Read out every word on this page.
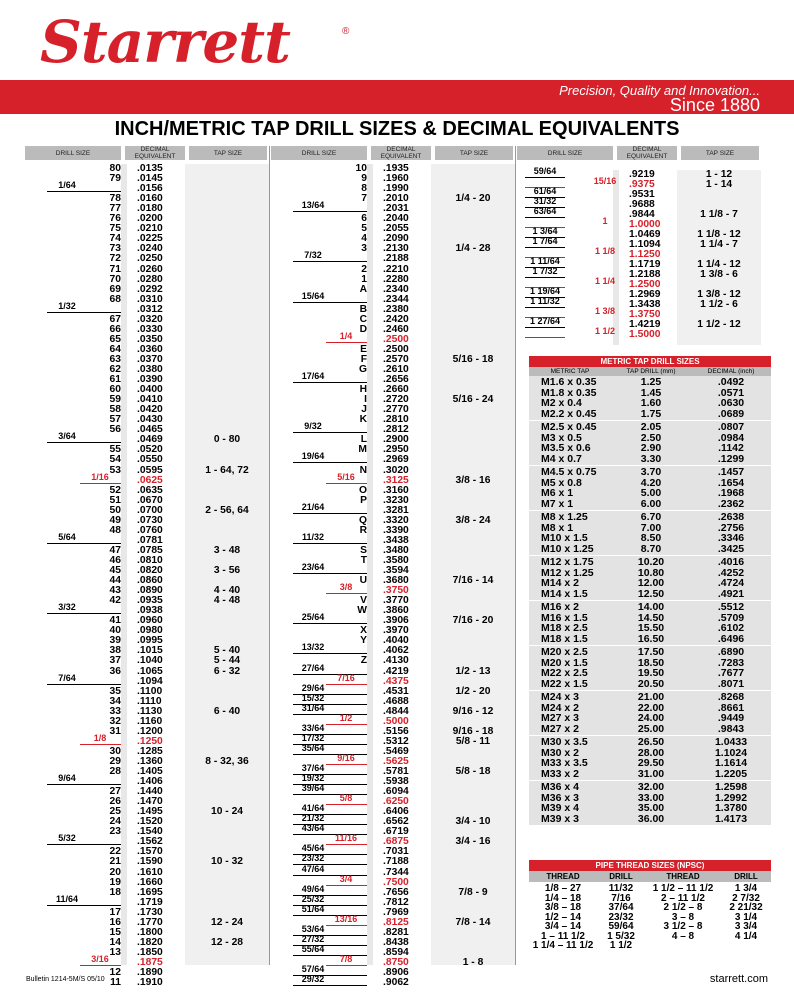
Starrett	®
Precision, Quality and Innovation...
Since 1880
INCH/METRIC TAP DRILL SIZES & DECIMAL EQUIVALENTS
DRILL SIZE	DECIMAL EQUIVALENT	TAP SIZE	DRILL SIZE	DECIMAL EQUIVALENT	TAP SIZE	DRILL SIZE	DECIMAL EQUIVALENT	TAP SIZE
80 .0135
79 .0145
1/64	.0156
78 .0160
77 .0180
76 .0200
75 .0210
74 .0225
73 .0240
72 .0250
71 .0260
70 .0280
69 .0292
68 .0310
1/32	.0312
67 .0320
66 .0330
65 .0350
64 .0360
63 .0370
62 .0380
61 .0390
60 .0400
59 .0410
58 .0420
57 .0430
56 .0465
3/64	.0469	0 - 80
55 .0520
54 .0550
53 .0595	1 - 64, 72
1/16	.0625
52 .0635
51 .0670
50 .0700	2 - 56, 64
49 .0730
48 .0760
5/64	.0781
47 .0785	3 - 48
46 .0810
45 .0820	3 - 56
44 .0860
43 .0890	4 - 40
42 .0935	4 - 48
3/32	.0938
41 .0960
40 .0980
39 .0995
38 .1015	5 - 40
37 .1040	5 - 44
36 .1065	6 - 32
7/64	.1094
35 .1100
34 .1110
33 .1130	6 - 40
32 .1160
31 .1200
1/8	.1250
30 .1285
29 .1360	8 - 32, 36
28 .1405
9/64	.1406
27 .1440
26 .1470
25 .1495	10 - 24
24 .1520
23 .1540
5/32	.1562
22 .1570
21 .1590	10 - 32
20 .1610
19 .1660
18 .1695
11/64	.1719
17 .1730
16 .1770	12 - 24
15 .1800
14 .1820	12 - 28
13 .1850
3/16	.1875
12 .1890
11 .1910
10 .1935
9 .1960
8 .1990
7 .2010	1/4 - 20
13/64	.2031
6 .2040
5 .2055
4 .2090
3 .2130	1/4 - 28
7/32	.2188
2 .2210
1 .2280
A .2340
15/64	.2344
B .2380
C .2420
D .2460
1/4	.2500
E .2500
F .2570	5/16 - 18
G .2610
17/64	.2656
H .2660
I .2720	5/16 - 24
J .2770
K .2810
9/32	.2812
L .2900
M .2950
19/64	.2969
N .3020
5/16	.3125	3/8 - 16
O .3160
P .3230
21/64	.3281
Q .3320	3/8 - 24
R .3390
11/32	.3438
S .3480
T .3580
23/64	.3594
U .3680	7/16 - 14
3/8	.3750
V .3770
W .3860
25/64	.3906	7/16 - 20
X .3970
Y .4040
13/32	.4062
Z .4130
27/64	.4219	1/2 - 13
7/16	.4375
29/64	.4531	1/2 - 20
15/32	.4688
31/64	.4844	9/16 - 12
1/2	.5000
33/64	.5156	9/16 - 18
17/32	.5312	5/8 - 11
35/64	.5469
9/16	.5625
37/64	.5781	5/8 - 18
19/32	.5938
39/64	.6094
5/8	.6250
41/64	.6406
21/32	.6562	3/4 - 10
43/64	.6719
11/16	.6875	3/4 - 16
45/64	.7031
23/32	.7188
47/64	.7344
3/4	.7500
49/64	.7656	7/8 - 9
25/32	.7812
51/64	.7969
13/16	.8125	7/8 - 14
53/64	.8281
27/32	.8438
55/64	.8594
7/8	.8750	1 - 8
57/64	.8906
29/32	.9062
59/64	.9219	1 - 12
15/16	.9375	1 - 14
61/64	.9531
31/32	.9688
63/64	.9844	1 1/8 - 7
1	1.0000
1 3/64	1.0469	1 1/8 - 12
1 7/64	1.1094	1 1/4 - 7
1 1/8	1.1250
1 11/64	1.1719	1 1/4 - 12
1 7/32	1.2188	1 3/8 - 6
1 1/4	1.2500
1 19/64	1.2969	1 3/8 - 12
1 11/32	1.3438	1 1/2 - 6
1 3/8	1.3750
1 27/64	1.4219	1 1/2 - 12
1 1/2	1.5000
METRIC TAP DRILL SIZES
METRIC TAP	TAP DRILL (mm)	DECIMAL (inch)
M1.6 x 0.35	1.25	.0492
M1.8 x 0.35	1.45	.0571
M2 x 0.4	1.60	.0630
M2.2 x 0.45	1.75	.0689
M2.5 x 0.45	2.05	.0807
M3 x 0.5	2.50	.0984
M3.5 x 0.6	2.90	.1142
M4 x 0.7	3.30	.1299
M4.5 x 0.75	3.70	.1457
M5 x 0.8	4.20	.1654
M6 x 1	5.00	.1968
M7 x 1	6.00	.2362
M8 x 1.25	6.70	.2638
M8 x 1	7.00	.2756
M10 x 1.5	8.50	.3346
M10 x 1.25	8.70	.3425
M12 x 1.75	10.20	.4016
M12 x 1.25	10.80	.4252
M14 x 2	12.00	.4724
M14 x 1.5	12.50	.4921
M16 x 2	14.00	.5512
M16 x 1.5	14.50	.5709
M18 x 2.5	15.50	.6102
M18 x 1.5	16.50	.6496
M20 x 2.5	17.50	.6890
M20 x 1.5	18.50	.7283
M22 x 2.5	19.50	.7677
M22 x 1.5	20.50	.8071
M24 x 3	21.00	.8268
M24 x 2	22.00	.8661
M27 x 3	24.00	.9449
M27 x 2	25.00	.9843
M30 x 3.5	26.50	1.0433
M30 x 2	28.00	1.1024
M33 x 3.5	29.50	1.1614
M33 x 2	31.00	1.2205
M36 x 4	32.00	1.2598
M36 x 3	33.00	1.2992
M39 x 4	35.00	1.3780
M39 x 3	36.00	1.4173
PIPE THREAD SIZES (NPSC)
THREAD	DRILL	THREAD	DRILL
1/8 – 27	11/32	1 1/2 – 11 1/2	1 3/4
1/4 – 18	7/16	2 – 11 1/2	2 7/32
3/8 – 18	37/64	2 1/2 – 8	2 21/32
1/2 – 14	23/32	3 – 8	3 1/4
3/4 – 14	59/64	3 1/2 – 8	3 3/4
1 – 11 1/2	1 5/32	4 – 8	4 1/4
1 1/4 – 11 1/2	1 1/2
Bulletin 1214-5M/S 05/10	starrett.com
